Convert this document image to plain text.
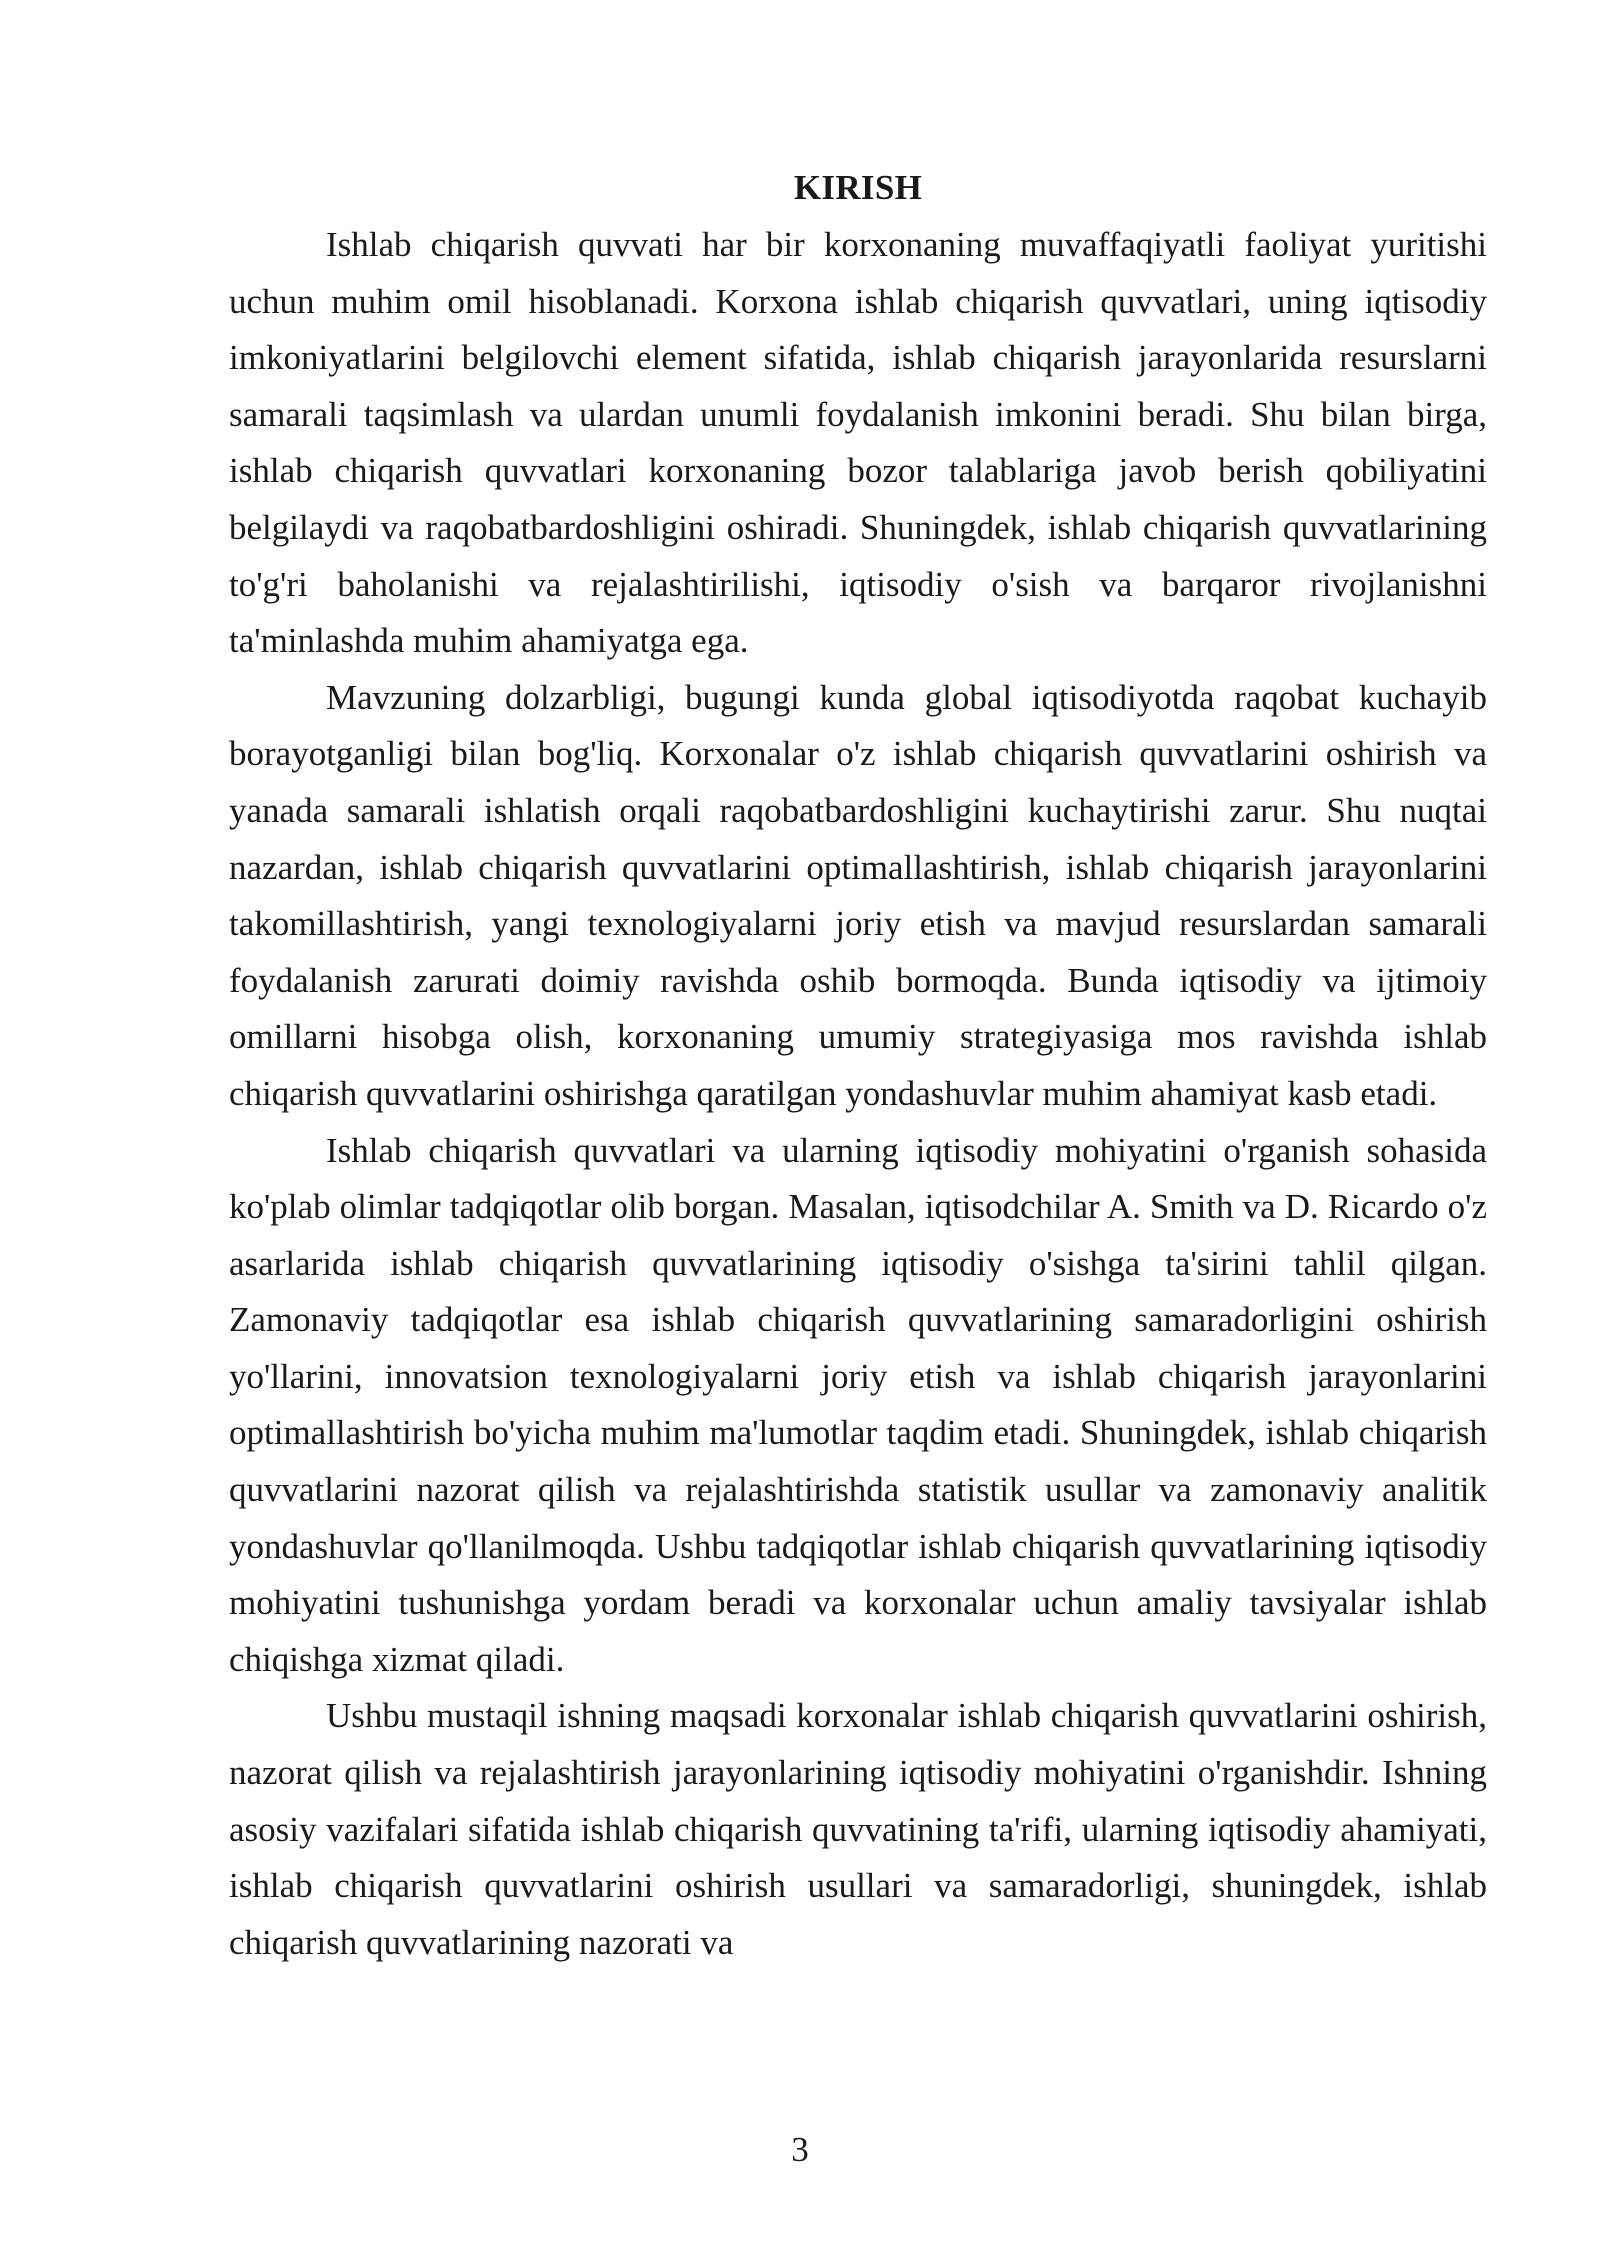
KIRISH

Ishlab chiqarish quvvati har bir korxonaning muvaffaqiyatli faoliyat yuritishi uchun muhim omil hisoblanadi. Korxona ishlab chiqarish quvvatlari, uning iqtisodiy imkoniyatlarini belgilovchi element sifatida, ishlab chiqarish jarayonlarida resurslarni samarali taqsimlash va ulardan unumli foydalanish imkonini beradi. Shu bilan birga, ishlab chiqarish quvvatlari korxonaning bozor talablariga javob berish qobiliyatini belgilaydi va raqobatbardoshligini oshiradi. Shuningdek, ishlab chiqarish quvvatlarining to'g'ri baholanishi va rejalashtirilishi, iqtisodiy o'sish va barqaror rivojlanishni ta'minlashda muhim ahamiyatga ega.

Mavzuning dolzarbligi, bugungi kunda global iqtisodiyotda raqobat kuchayib borayotganligi bilan bog'liq. Korxonalar o'z ishlab chiqarish quvvatlarini oshirish va yanada samarali ishlatish orqali raqobatbardoshligini kuchaytirishi zarur. Shu nuqtai nazardan, ishlab chiqarish quvvatlarini optimallashtirish, ishlab chiqarish jarayonlarini takomillashtirish, yangi texnologiyalarni joriy etish va mavjud resurslardan samarali foydalanish zarurati doimiy ravishda oshib bormoqda. Bunda iqtisodiy va ijtimoiy omillarni hisobga olish, korxonaning umumiy strategiyasiga mos ravishda ishlab chiqarish quvvatlarini oshirishga qaratilgan yondashuvlar muhim ahamiyat kasb etadi.

Ishlab chiqarish quvvatlari va ularning iqtisodiy mohiyatini o'rganish sohasida ko'plab olimlar tadqiqotlar olib borgan. Masalan, iqtisodchilar A. Smith va D. Ricardo o'z asarlarida ishlab chiqarish quvvatlarining iqtisodiy o'sishga ta'sirini tahlil qilgan. Zamonaviy tadqiqotlar esa ishlab chiqarish quvvatlarining samaradorligini oshirish yo'llarini, innovatsion texnologiyalarni joriy etish va ishlab chiqarish jarayonlarini optimallashtirish bo'yicha muhim ma'lumotlar taqdim etadi. Shuningdek, ishlab chiqarish quvvatlarini nazorat qilish va rejalashtirishda statistik usullar va zamonaviy analitik yondashuvlar qo'llanilmoqda. Ushbu tadqiqotlar ishlab chiqarish quvvatlarining iqtisodiy mohiyatini tushunishga yordam beradi va korxonalar uchun amaliy tavsiyalar ishlab chiqishga xizmat qiladi.

Ushbu mustaqil ishning maqsadi korxonalar ishlab chiqarish quvvatlarini oshirish, nazorat qilish va rejalashtirish jarayonlarining iqtisodiy mohiyatini o'rganishdir. Ishning asosiy vazifalari sifatida ishlab chiqarish quvvatining ta'rifi, ularning iqtisodiy ahamiyati, ishlab chiqarish quvvatlarini oshirish usullari va samaradorligi, shuningdek, ishlab chiqarish quvvatlarining nazorati va

3
